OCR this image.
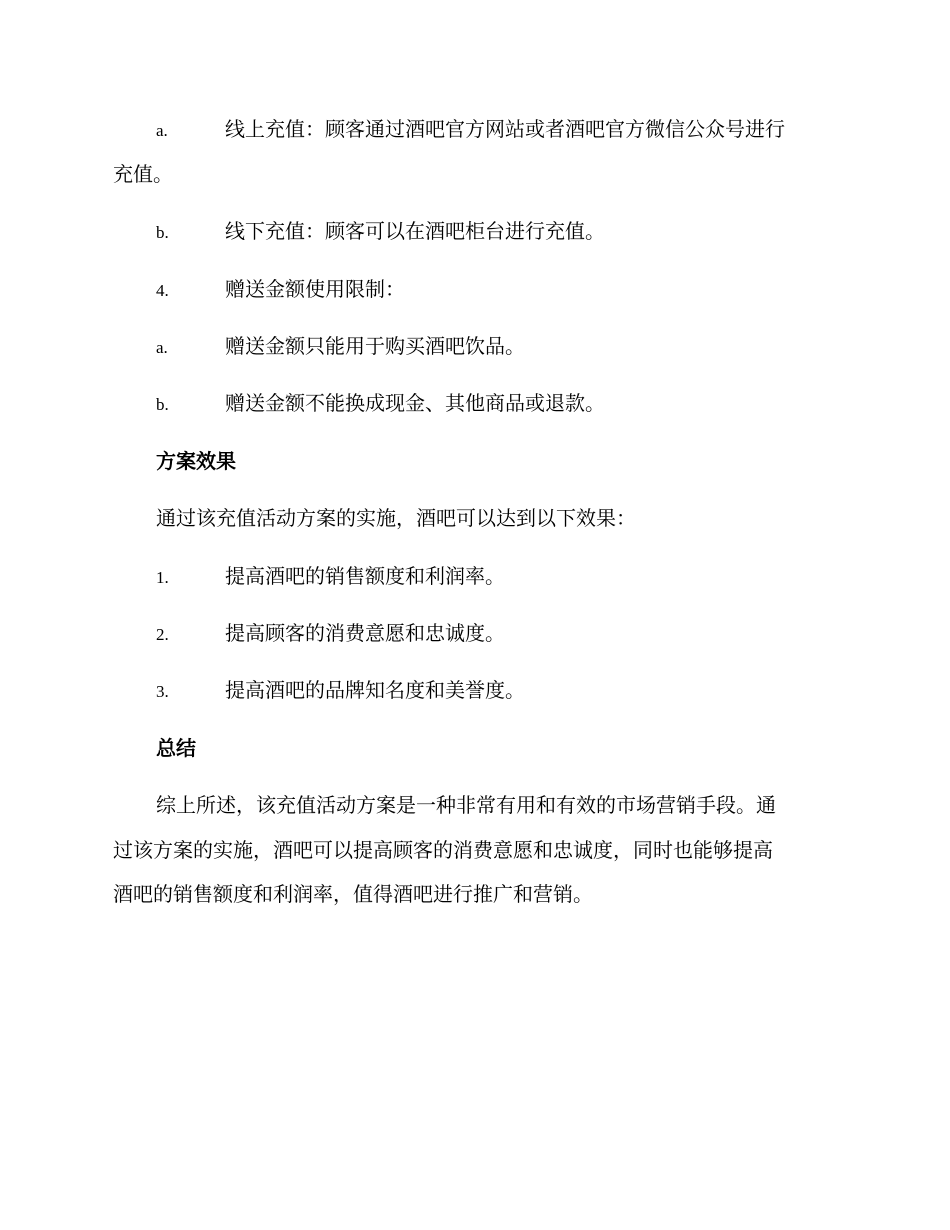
a.	线上充值：顾客通过酒吧官方网站或者酒吧官方微信公众号进行
充值。
b.	线下充值：顾客可以在酒吧柜台进行充值。
4.	赠送金额使用限制：
a.	赠送金额只能用于购买酒吧饮品。
b.	赠送金额不能换成现金、其他商品或退款。
方案效果
通过该充值活动方案的实施，酒吧可以达到以下效果：
1.	提高酒吧的销售额度和利润率。
2.	提高顾客的消费意愿和忠诚度。
3.	提高酒吧的品牌知名度和美誉度。
总结
综上所述，该充值活动方案是一种非常有用和有效的市场营销手段。通
过该方案的实施，酒吧可以提高顾客的消费意愿和忠诚度，同时也能够提高
酒吧的销售额度和利润率，值得酒吧进行推广和营销。
